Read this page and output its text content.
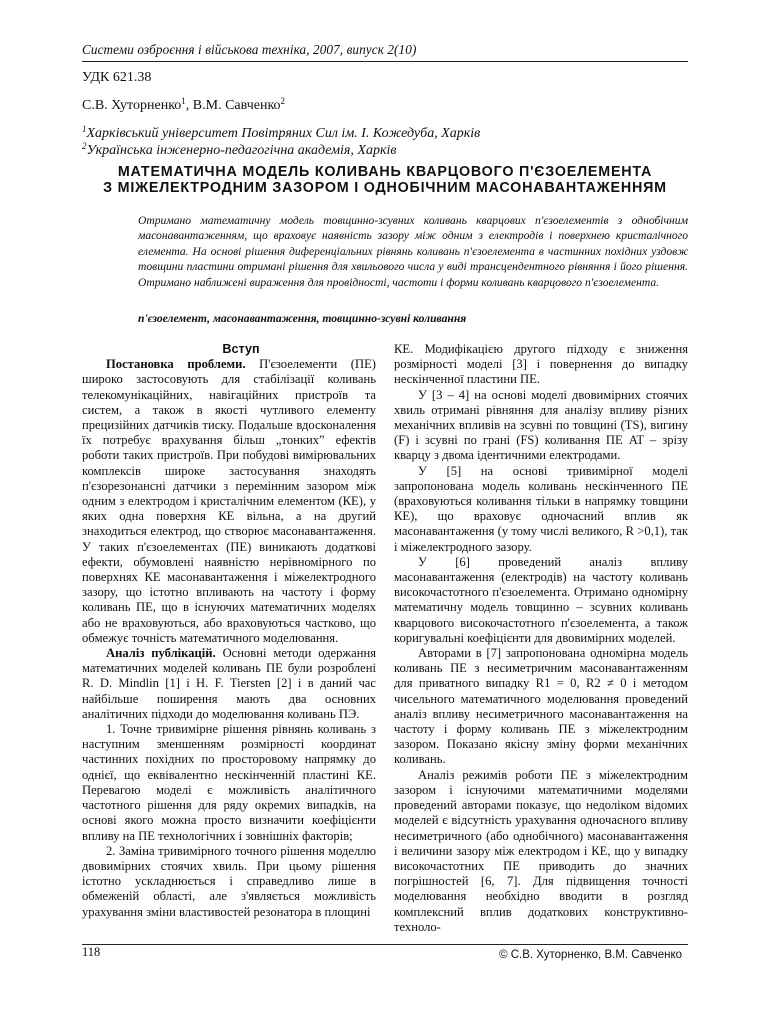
Системи озброєння і військова техніка, 2007, випуск 2(10)
УДК 621.38
С.В. Хуторненко$^1$, В.М. Савченко$^2$
$^1$Харківський університет Повітряних Сил ім. І. Кожедуба, Харків
$^2$Українська інженерно-педагогічна академія, Харків
МАТЕМАТИЧНА МОДЕЛЬ КОЛИВАНЬ КВАРЦОВОГО П'ЄЗОЕЛЕМЕНТА
З МІЖЕЛЕКТРОДНИМ ЗАЗОРОМ І ОДНОБІЧНИМ МАСОНАВАНТАЖЕННЯМ
Отримано математичну модель товщинно-зсувних коливань кварцових п'єзоелементів з однобічним масонавантаженням, що враховує наявність зазору між одним з електродів і поверхнею кристалічного елемента. На основі рішення диференціальних рівнянь коливань п'єзоелемента в частинних похідних уздовж товщини пластини отримані рішення для хвильового числа у виді трансцендентного рівняння і його рішення. Отримано наближені вираження для провідності, частоти і форми коливань кварцового п'єзоелемента.
п'єзоелемент, масонавантаження, товщинно-зсувні коливання

Вступ

Постановка проблеми. П'єзоелементи (ПЕ) широко застосовують для стабілізації коливань телекомунікаційних, навігаційних пристроїв та систем, а також в якості чутливого елементу прецизійних датчиків тиску. Подальше вдосконалення їх потребує врахування більш „тонких” ефектів роботи таких пристроїв. При побудові вимірювальних комплексів широке застосування знаходять п'єзорезонансні датчики з перемінним зазором між одним з електродом і кристалічним елементом (КЕ), у яких одна поверхня КЕ вільна, а на другий знаходиться електрод, що створює масонавантаження. У таких п'єзоелементах (ПЕ) виникають додаткові ефекти, обумовлені наявністю нерівномірного по поверхнях КЕ масонавантаження і міжелектродного зазору, що істотно впливають на частоту і форму коливань ПЕ, що в існуючих математичних моделях або не враховуються, або враховуються частково, що обмежує точність математичного моделювання.

Аналіз публікацій. Основні методи одержання математичних моделей коливань ПЕ були розроблені R. D. Mindlin [1] і H. F. Tiersten [2] і в даний час найбільше поширення мають два основних аналітичних підходи до моделювання коливань ПЭ.

1. Точне тривимірне рішення рівнянь коливань з наступним зменшенням розмірності координат частинних похідних по просторовому напрямку до однієї, що еквівалентно нескінченній пластині КЕ. Перевагою моделі є можливість аналітичного частотного рішення для ряду окремих випадків, на основі якого можна просто визначити коефіцієнти впливу на ПЕ технологічних і зовнішніх факторів;

2. Заміна тривимірного точного рішення моделлю двовимірних стоячих хвиль. При цьому рішення істотно ускладнюється і справедливо лише в обмеженій області, але з'являється можливість урахування зміни властивостей резонатора в площині

КЕ. Модифікацією другого підходу є зниження розмірності моделі [3] і повернення до випадку нескінченної пластини ПЕ.

У [3 – 4] на основі моделі двовимірних стоячих хвиль отримані рівняння для аналізу впливу різних механічних впливів на зсувні по товщині (TS), вигину (F) і зсувні по грані (FS) коливання ПЕ AT – зрізу кварцу з двома ідентичними електродами.

У [5] на основі тривимірної моделі запропонована модель коливань нескінченного ПЕ (враховуються коливання тільки в напрямку товщини КЕ), що враховує одночасний вплив як масонавантаження (у тому числі великого, R >0,1), так і міжелектродного зазору.

У [6] проведений аналіз впливу масонавантаження (електродів) на частоту коливань високочастотного п'єзоелемента. Отримано одномірну математичну модель товщинно – зсувних коливань кварцового високочастотного п'єзоелемента, а також коригувальні коефіцієнти для двовимірних моделей.

Авторами в [7] запропонована одномірна модель коливань ПЕ з несиметричним масонавантаженням для приватного випадку R1 = 0, R2 ≠ 0 і методом чисельного математичного моделювання проведений аналіз впливу несиметричного масонавантаження на частоту і форму коливань ПЕ з міжелектродним зазором. Показано якісну зміну форми механічних коливань.

Аналіз режимів роботи ПЕ з міжелектродним зазором і існуючими математичними моделями проведений авторами показує, що недоліком відомих моделей є відсутність урахування одночасного впливу несиметричного (або однобічного) масонавантаження і величини зазору між електродом і КЕ, що у випадку високочастотних ПЕ приводить до значних погрішностей [6, 7]. Для підвищення точності моделювання необхідно вводити в розгляд комплексний вплив додаткових конструктивно-техноло-

118	© С.В. Хуторненко, В.М. Савченко
